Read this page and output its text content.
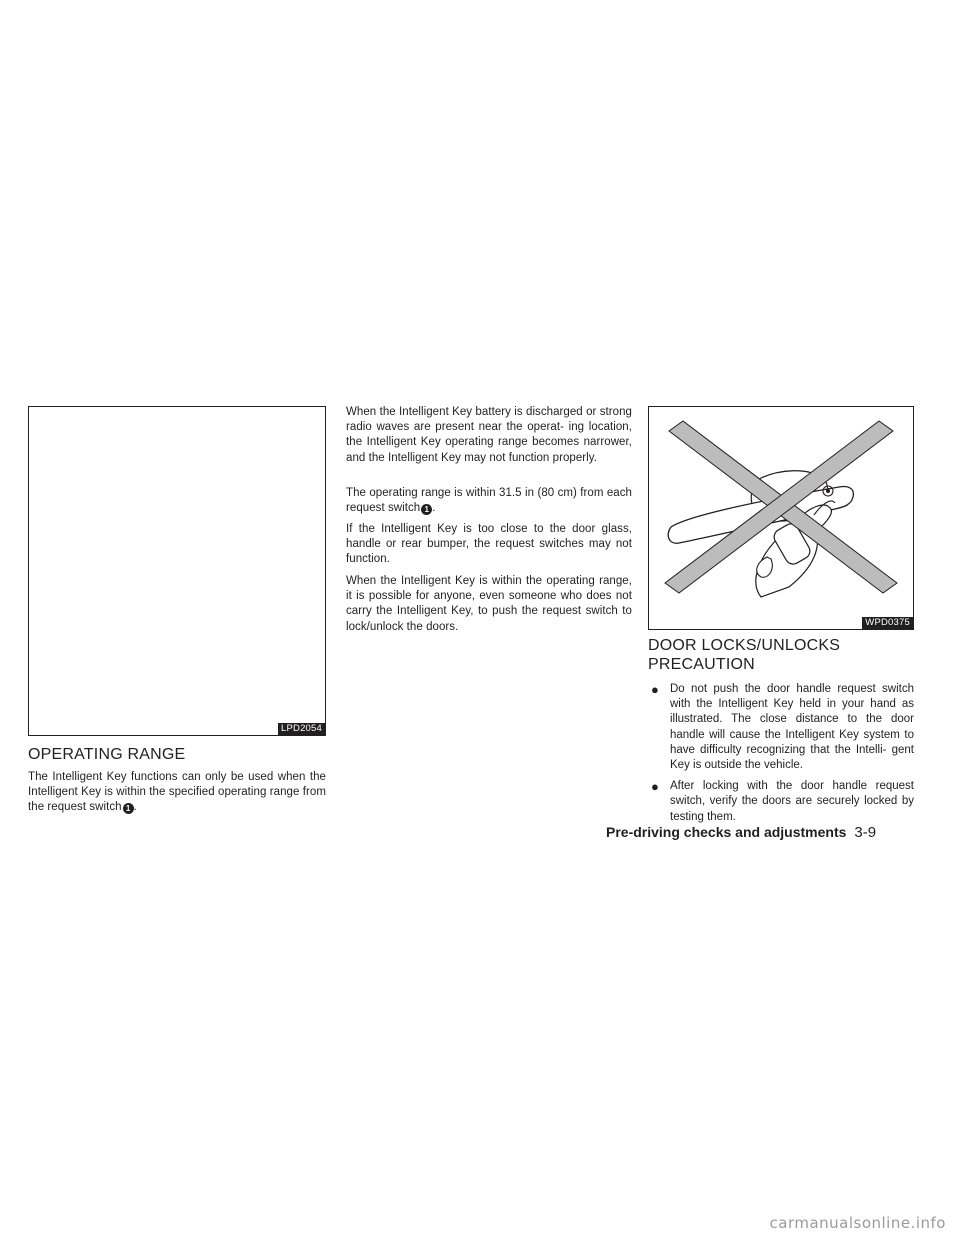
LPD2054
OPERATING RANGE

The Intelligent Key functions can only be used when the Intelligent Key is within the specified operating range from the request switch 1 .

When the Intelligent Key battery is discharged or strong radio waves are present near the operat- ing location, the Intelligent Key operating range becomes narrower, and the Intelligent Key may not function properly.

The operating range is within 31.5 in (80 cm) from each request switch 1 .

If the Intelligent Key is too close to the door glass, handle or rear bumper, the request switches may not function.

When the Intelligent Key is within the operating range, it is possible for anyone, even someone who does not carry the Intelligent Key, to push the request switch to lock/unlock the doors.	WPD0375
DOOR LOCKS/UNLOCKS
PRECAUTION
● Do not push the door handle request switch with the Intelligent Key held in your hand as illustrated. The close distance to the door handle will cause the Intelligent Key system to have difficulty recognizing that the Intelli- gent Key is outside the vehicle.
● After locking with the door handle request switch, verify the doors are securely locked by testing them.
Pre-driving checks and adjustments 3-9
carmanualsonline.info
